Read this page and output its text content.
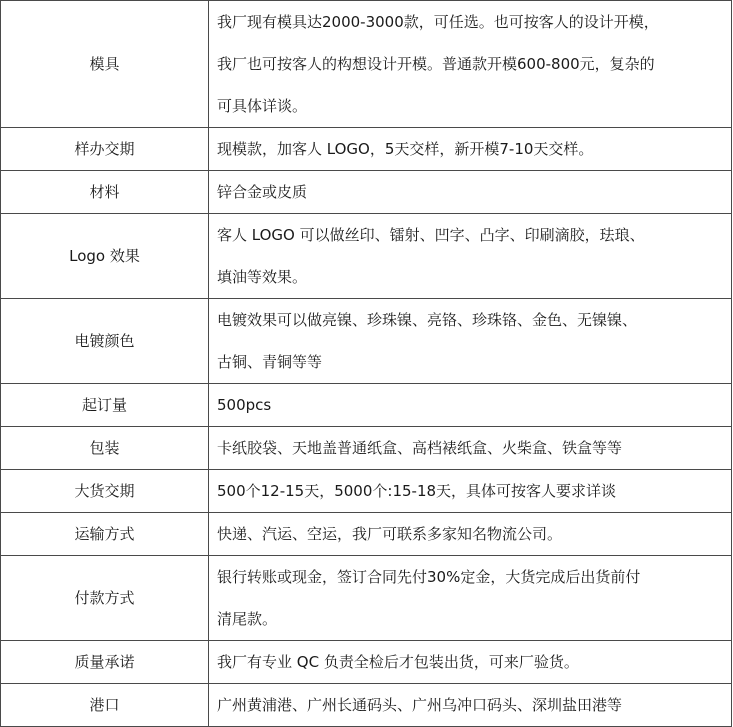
模具	我厂现有模具达2000-3000款，可任选。也可按客人的设计开模，
我厂也可按客人的构想设计开模。普通款开模600-800元，复杂的
可具体详谈。

样办交期	现模款，加客人 LOGO，5天交样，新开模7-10天交样。

材料	锌合金或皮质

Logo 效果	客人 LOGO 可以做丝印、镭射、凹字、凸字、印刷滴胶，珐琅、
填油等效果。

电镀颜色	电镀效果可以做亮镍、珍珠镍、亮铬、珍珠铬、金色、无镍镍、
古铜、青铜等等

起订量	500pcs

包装	卡纸胶袋、天地盖普通纸盒、高档裱纸盒、火柴盒、铁盒等等

大货交期	500个12-15天，5000个:15-18天，具体可按客人要求详谈

运输方式	快递、汽运、空运，我厂可联系多家知名物流公司。

付款方式	银行转账或现金，签订合同先付30%定金，大货完成后出货前付
清尾款。

质量承诺	我厂有专业 QC 负责全检后才包装出货，可来厂验货。

港口	广州黄浦港、广州长通码头、广州乌冲口码头、深圳盐田港等
